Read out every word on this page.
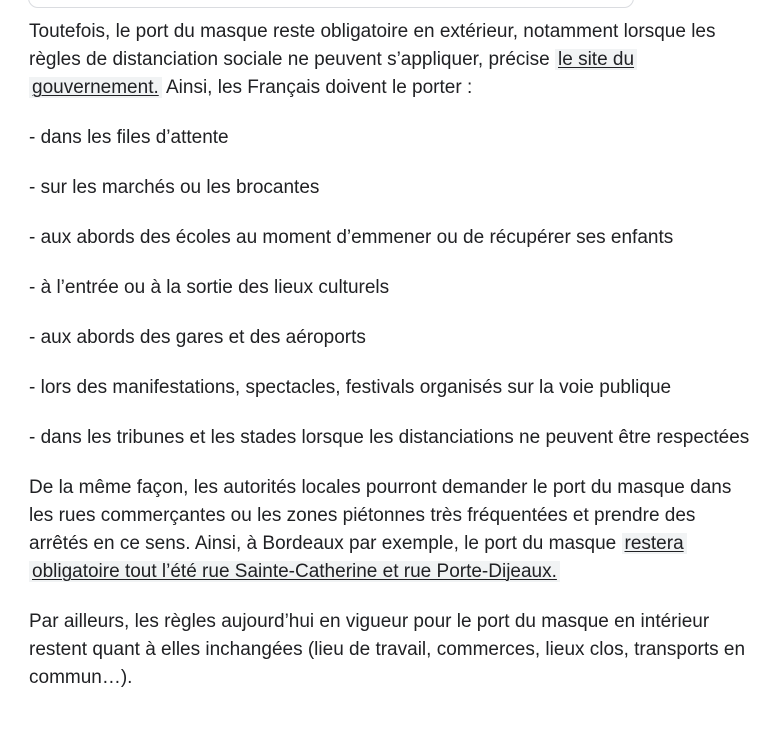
Toutefois, le port du masque reste obligatoire en extérieur, notamment lorsque les règles de distanciation sociale ne peuvent s’appliquer, précise le site du
gouvernement. Ainsi, les Français doivent le porter :

- dans les files d’attente

- sur les marchés ou les brocantes

- aux abords des écoles au moment d’emmener ou de récupérer ses enfants

- à l’entrée ou à la sortie des lieux culturels

- aux abords des gares et des aéroports

- lors des manifestations, spectacles, festivals organisés sur la voie publique

- dans les tribunes et les stades lorsque les distanciations ne peuvent être respectées

De la même façon, les autorités locales pourront demander le port du masque dans les rues commerçantes ou les zones piétonnes très fréquentées et prendre des arrêtés en ce sens. Ainsi, à Bordeaux par exemple, le port du masque restera
obligatoire tout l’été rue Sainte-Catherine et rue Porte-Dijeaux.

Par ailleurs, les règles aujourd’hui en vigueur pour le port du masque en intérieur restent quant à elles inchangées (lieu de travail, commerces, lieux clos, transports en commun…).
